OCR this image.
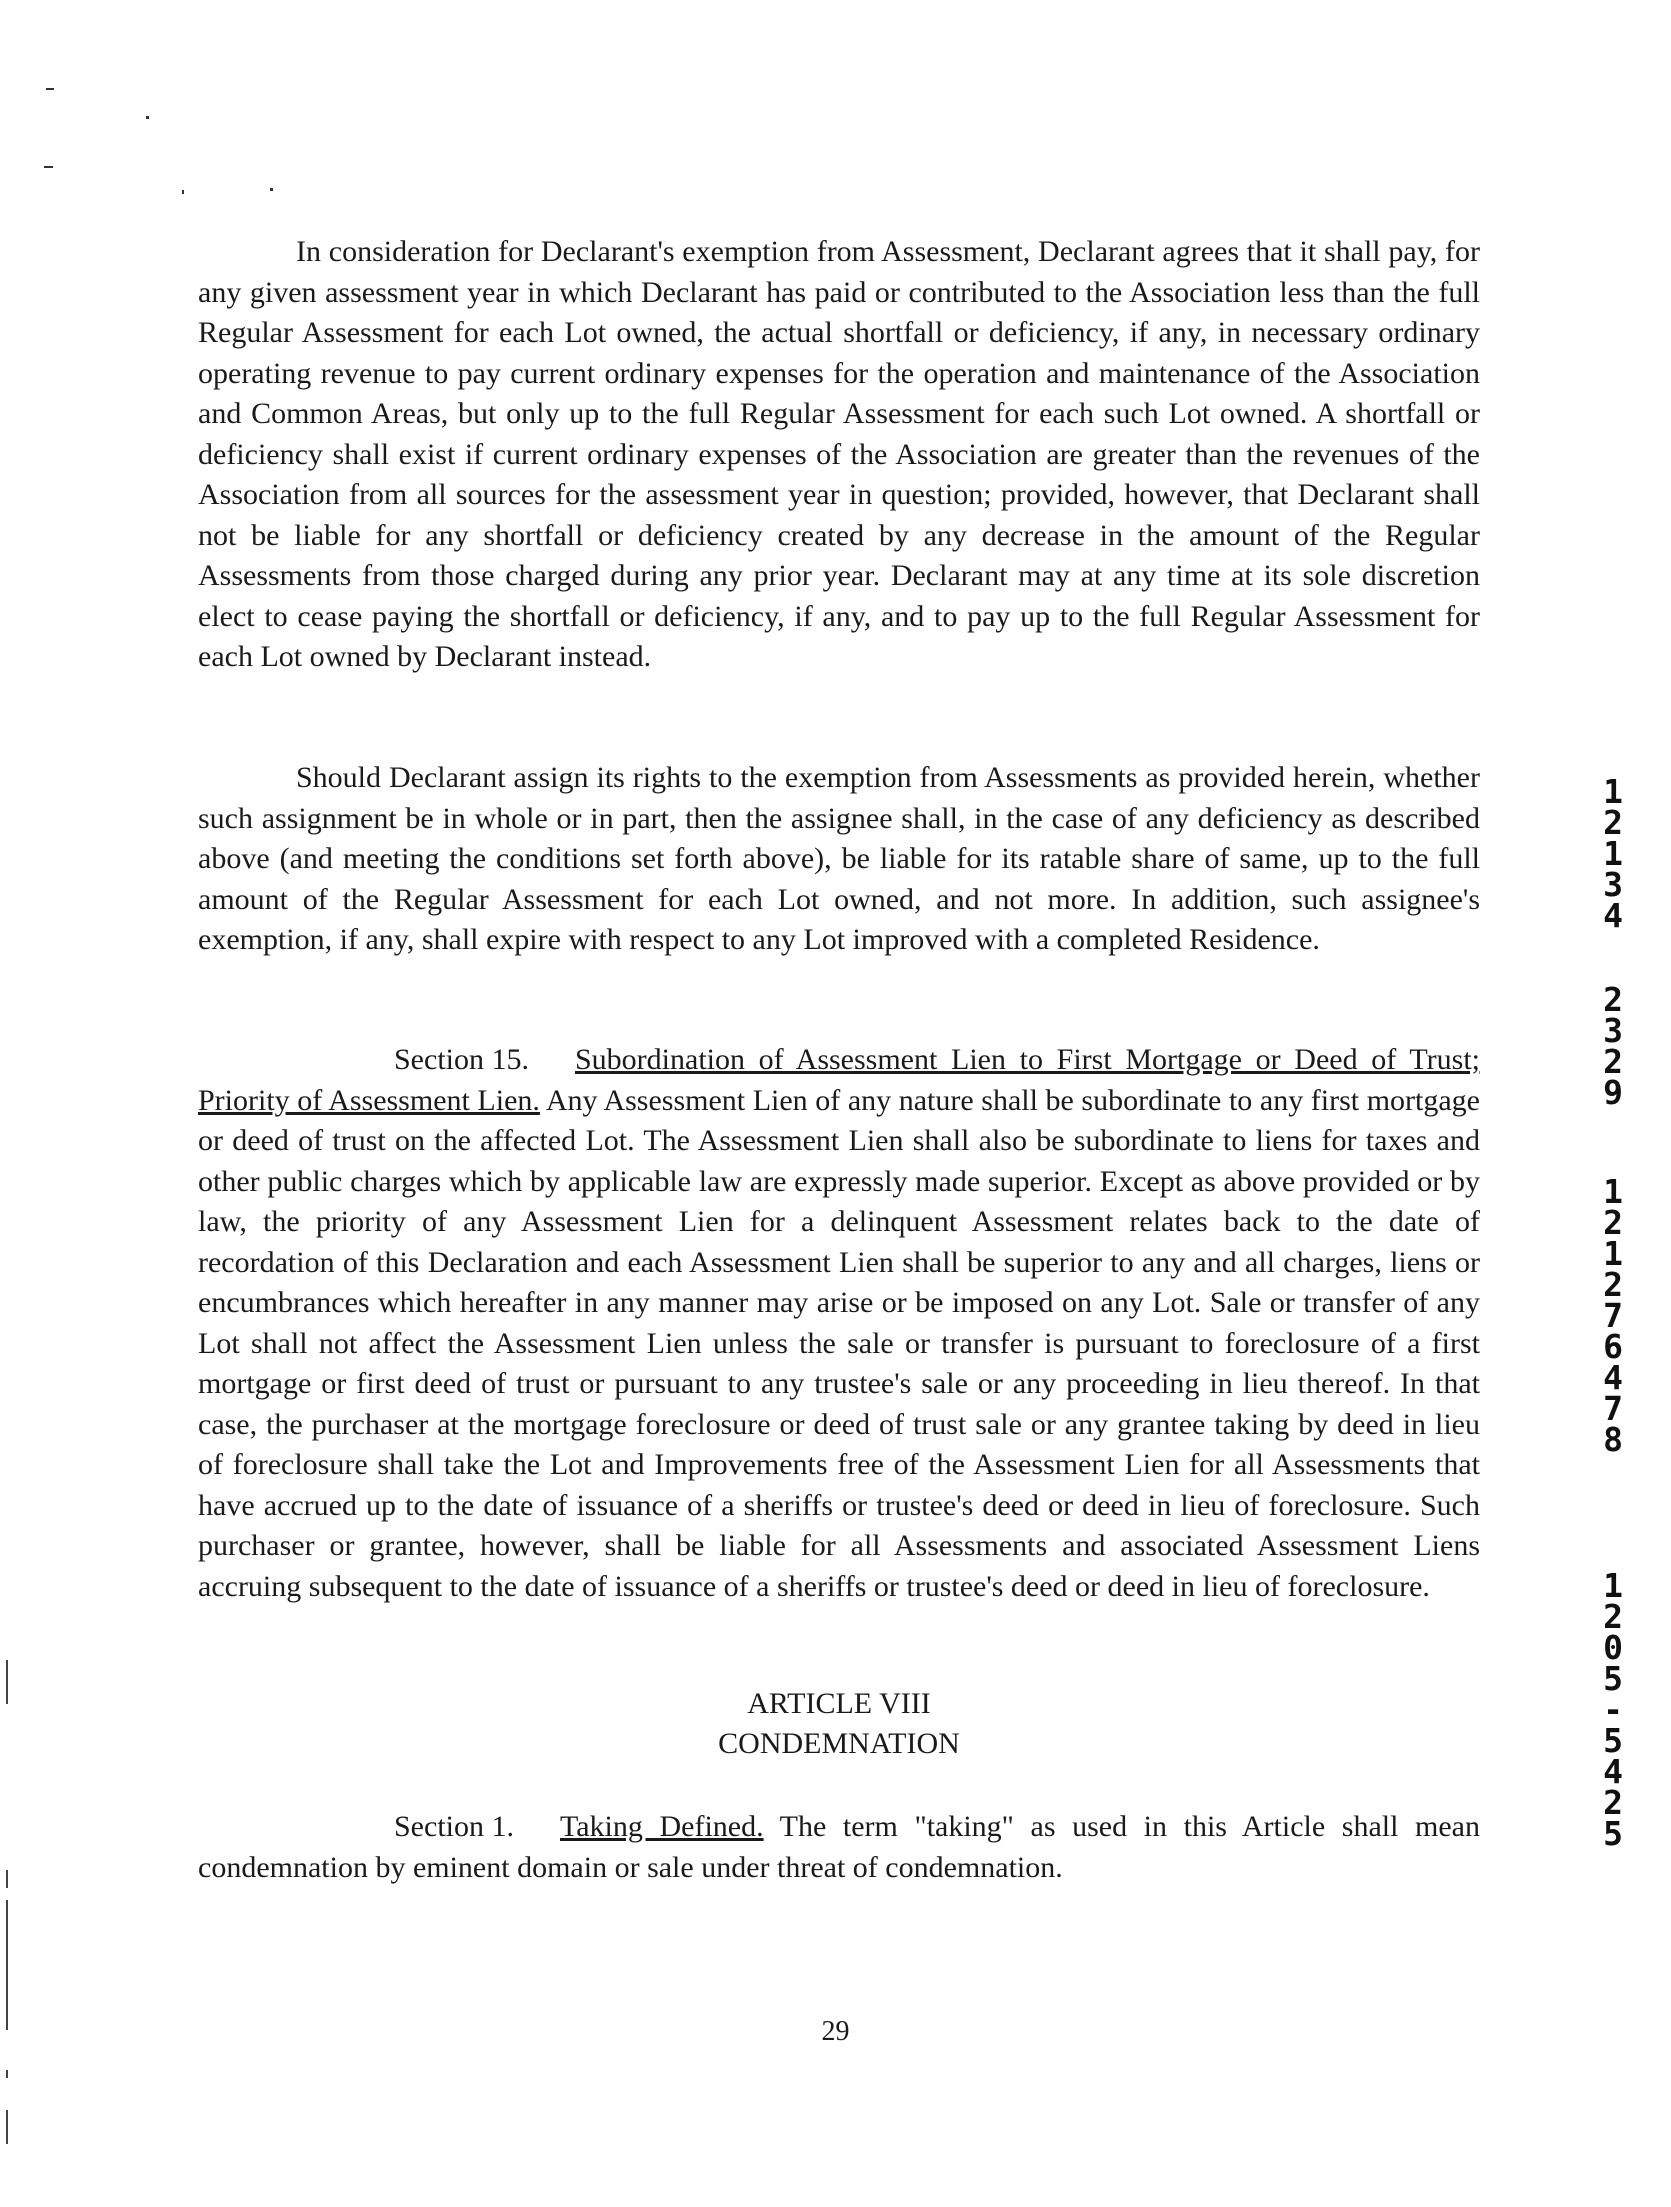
In consideration for Declarant's exemption from Assessment, Declarant agrees that it shall pay, for any given assessment year in which Declarant has paid or contributed to the Association less than the full Regular Assessment for each Lot owned, the actual shortfall or deficiency, if any, in necessary ordinary operating revenue to pay current ordinary expenses for the operation and maintenance of the Association and Common Areas, but only up to the full Regular Assessment for each such Lot owned. A shortfall or deficiency shall exist if current ordinary expenses of the Association are greater than the revenues of the Association from all sources for the assessment year in question; provided, however, that Declarant shall not be liable for any shortfall or deficiency created by any decrease in the amount of the Regular Assessments from those charged during any prior year. Declarant may at any time at its sole discretion elect to cease paying the shortfall or deficiency, if any, and to pay up to the full Regular Assessment for each Lot owned by Declarant instead.

Should Declarant assign its rights to the exemption from Assessments as provided herein, whether such assignment be in whole or in part, then the assignee shall, in the case of any deficiency as described above (and meeting the conditions set forth above), be liable for its ratable share of same, up to the full amount of the Regular Assessment for each Lot owned, and not more. In addition, such assignee's exemption, if any, shall expire with respect to any Lot improved with a completed Residence.

Section 15. Subordination of Assessment Lien to First Mortgage or Deed of Trust; Priority of Assessment Lien. Any Assessment Lien of any nature shall be subordinate to any first mortgage or deed of trust on the affected Lot. The Assessment Lien shall also be subordinate to liens for taxes and other public charges which by applicable law are expressly made superior. Except as above provided or by law, the priority of any Assessment Lien for a delinquent Assessment relates back to the date of recordation of this Declaration and each Assessment Lien shall be superior to any and all charges, liens or encumbrances which hereafter in any manner may arise or be imposed on any Lot. Sale or transfer of any Lot shall not affect the Assessment Lien unless the sale or transfer is pursuant to foreclosure of a first mortgage or first deed of trust or pursuant to any trustee's sale or any proceeding in lieu thereof. In that case, the purchaser at the mortgage foreclosure or deed of trust sale or any grantee taking by deed in lieu of foreclosure shall take the Lot and Improvements free of the Assessment Lien for all Assessments that have accrued up to the date of issuance of a sheriffs or trustee's deed or deed in lieu of foreclosure. Such purchaser or grantee, however, shall be liable for all Assessments and associated Assessment Liens accruing subsequent to the date of issuance of a sheriffs or trustee's deed or deed in lieu of foreclosure.

ARTICLE VIII
CONDEMNATION

Section 1. Taking Defined. The term "taking" as used in this Article shall mean condemnation by eminent domain or sale under threat of condemnation.

29
12134
2329
12127 6478
1205 - 5425
